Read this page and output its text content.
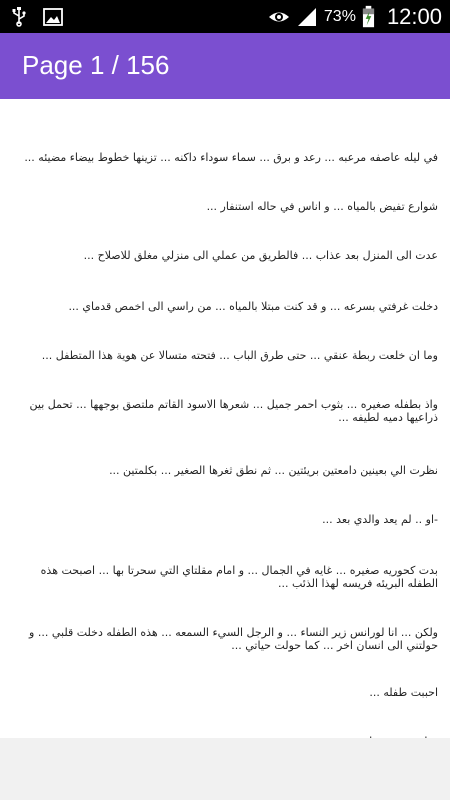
73% 12:00
Page 1 / 156

في ليله عاصفه مرعبه ... رعد و برق ... سماء سوداء داكنه ... تزينها خطوط بيضاء مضيئه ...

شوارع تفيض بالمياه ... و اناس في حاله استنفار ...

عدت الى المنزل بعد عذاب ... فالطريق من عملي الى منزلي مغلق للاصلاح ...

دخلت غرفتي بسرعه ... و قد كنت مبتلا بالمياه ... من راسي الى اخمص قدماي ...

وما ان خلعت ربطة عنقي ... حتى طرق الباب ... فتحته متسالا عن هوية هذا المتطفل ...

واذ بطفله صغيره ... بثوب احمر جميل ... شعرها الاسود القاتم ملتصق بوجهها ... تحمل بين ذراعيها دميه لطيفه ...

نظرت الي بعينين دامعتين بريئتين ... ثم نطق ثغرها الصغير ... بكلمتين ...

-او .. لم يعد والدي بعد ...

بدت كحوريه صغيره ... غايه في الجمال ... و امام مقلتاي التي سحرتا بها ... اصبحت هذه الطفله البريئه فريسه لهذا الذئب ...

ولكن ... انا لورانس زير النساء ... و الرجل السيء السمعه ... هذه الطفله دخلت قلبي ... و حولتني الى انسان اخر ... كما حولت حياتي ...

احببت طفله ...
